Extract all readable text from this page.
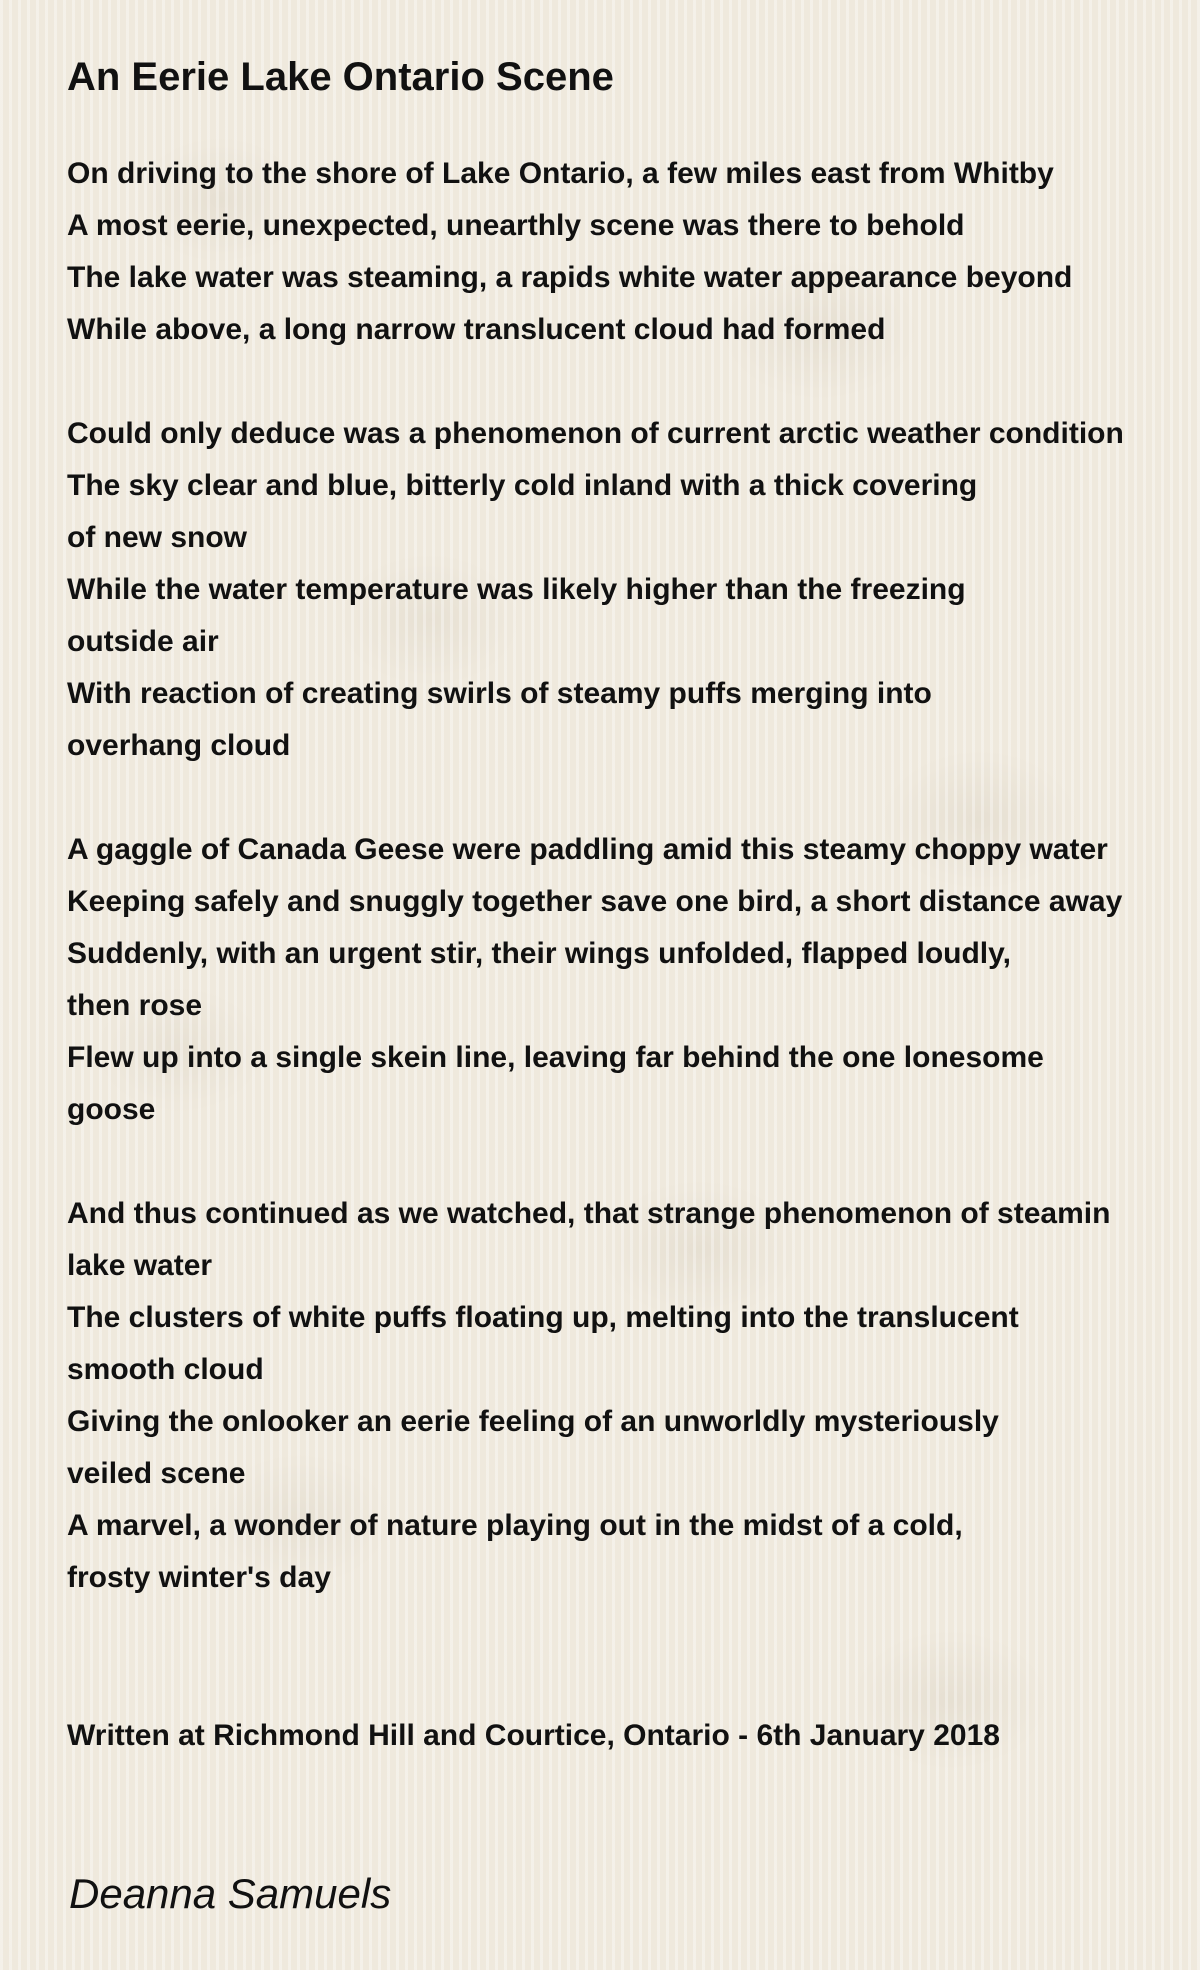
An Eerie Lake Ontario Scene
On driving to the shore of Lake Ontario, a few miles east from Whitby
A most eerie, unexpected, unearthly scene was there to behold
The lake water was steaming, a rapids white water appearance beyond
While above, a long narrow translucent cloud had formed
Could only deduce was a phenomenon of current arctic weather condition
The sky clear and blue, bitterly cold inland with a thick covering
of new snow
While the water temperature was likely higher than the freezing
outside air
With reaction of creating swirls of steamy puffs merging into
overhang cloud
A gaggle of Canada Geese were paddling amid this steamy choppy water
Keeping safely and snuggly together save one bird, a short distance away
Suddenly, with an urgent stir, their wings unfolded, flapped loudly,
then rose
Flew up into a single skein line, leaving far behind the one lonesome
goose
And thus continued as we watched, that strange phenomenon of steamin
lake water
The clusters of white puffs floating up, melting into the translucent
smooth cloud
Giving the onlooker an eerie feeling of an unworldly mysteriously
veiled scene
A marvel, a wonder of nature playing out in the midst of a cold,
frosty winter's day

Written at Richmond Hill and Courtice, Ontario - 6th January 2018

Deanna Samuels
